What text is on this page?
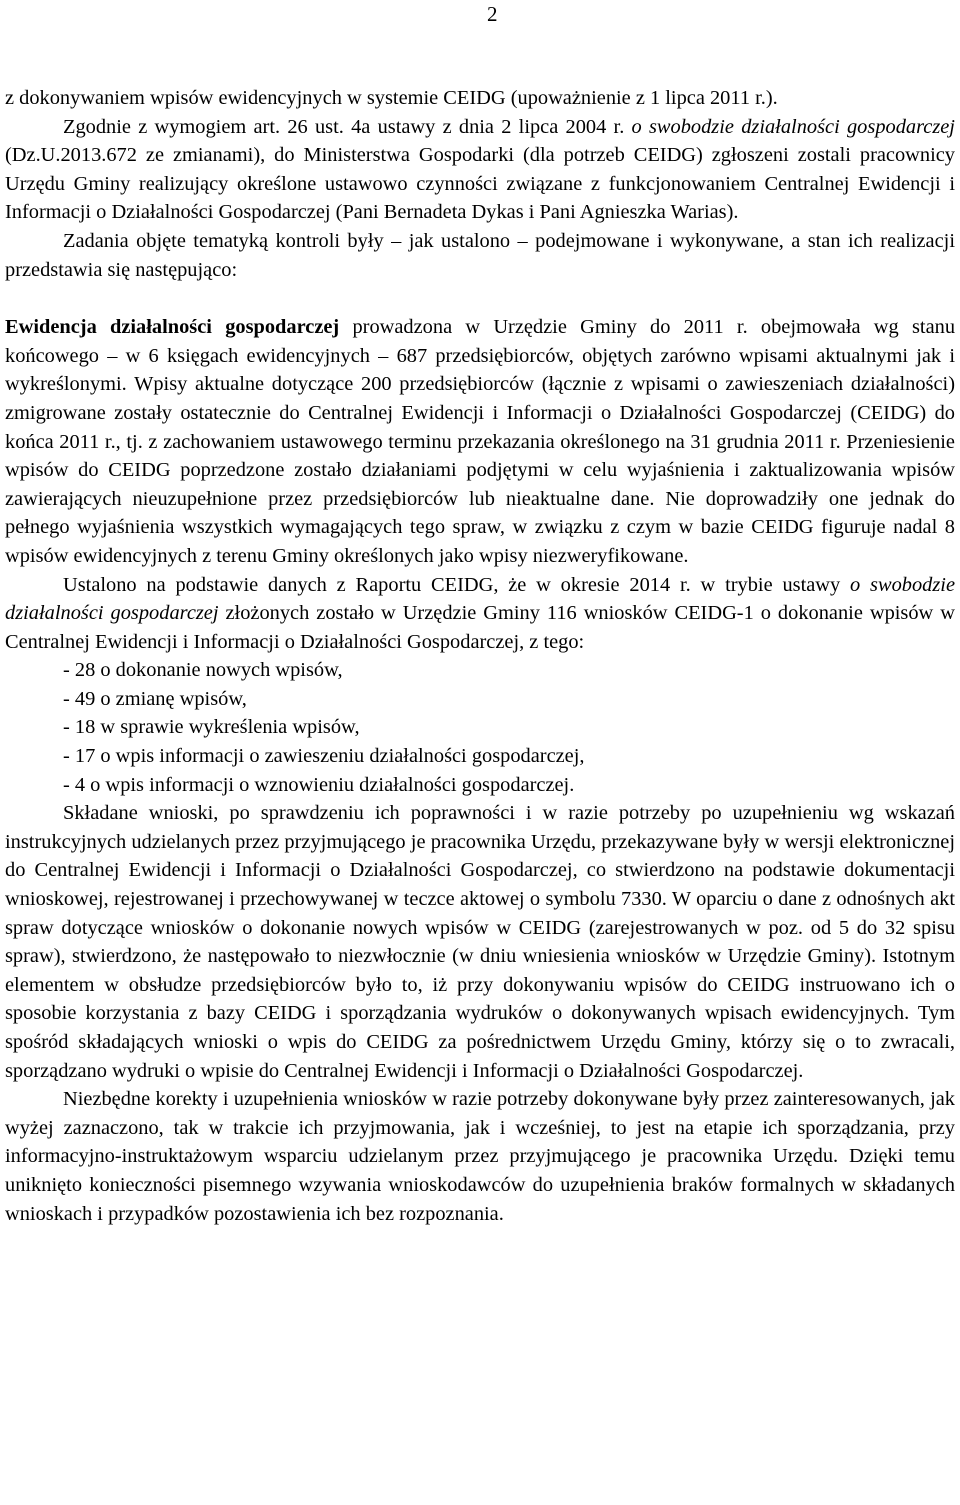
2

z dokonywaniem wpisów ewidencyjnych w systemie CEIDG (upoważnienie z 1 lipca 2011 r.).

Zgodnie z wymogiem art. 26 ust. 4a ustawy z dnia 2 lipca 2004 r. o swobodzie działalności gospodarczej (Dz.U.2013.672 ze zmianami), do Ministerstwa Gospodarki (dla potrzeb CEIDG) zgłoszeni zostali pracownicy Urzędu Gminy realizujący określone ustawowo czynności związane z funkcjonowaniem Centralnej Ewidencji i Informacji o Działalności Gospodarczej (Pani Bernadeta Dykas i Pani Agnieszka Warias).

Zadania objęte tematyką kontroli były – jak ustalono – podejmowane i wykonywane, a stan ich realizacji przedstawia się następująco:

Ewidencja działalności gospodarczej prowadzona w Urzędzie Gminy do 2011 r. obejmowała wg stanu końcowego – w 6 księgach ewidencyjnych – 687 przedsiębiorców, objętych zarówno wpisami aktualnymi jak i wykreślonymi. Wpisy aktualne dotyczące 200 przedsiębiorców (łącznie z wpisami o zawieszeniach działalności) zmigrowane zostały ostatecznie do Centralnej Ewidencji i Informacji o Działalności Gospodarczej (CEIDG) do końca 2011 r., tj. z zachowaniem ustawowego terminu przekazania określonego na 31 grudnia 2011 r. Przeniesienie wpisów do CEIDG poprzedzone zostało działaniami podjętymi w celu wyjaśnienia i zaktualizowania wpisów zawierających nieuzupełnione przez przedsiębiorców lub nieaktualne dane. Nie doprowadziły one jednak do pełnego wyjaśnienia wszystkich wymagających tego spraw, w związku z czym w bazie CEIDG figuruje nadal 8 wpisów ewidencyjnych z terenu Gminy określonych jako wpisy niezweryfikowane.

Ustalono na podstawie danych z Raportu CEIDG, że w okresie 2014 r. w trybie ustawy o swobodzie działalności gospodarczej złożonych zostało w Urzędzie Gminy 116 wniosków CEIDG-1 o dokonanie wpisów w Centralnej Ewidencji i Informacji o Działalności Gospodarczej, z tego:

- 28 o dokonanie nowych wpisów,
- 49 o zmianę wpisów,
- 18 w sprawie wykreślenia wpisów,
- 17 o wpis informacji o zawieszeniu działalności gospodarczej,
- 4 o wpis informacji o wznowieniu działalności gospodarczej.

Składane wnioski, po sprawdzeniu ich poprawności i w razie potrzeby po uzupełnieniu wg wskazań instrukcyjnych udzielanych przez przyjmującego je pracownika Urzędu, przekazywane były w wersji elektronicznej do Centralnej Ewidencji i Informacji o Działalności Gospodarczej, co stwierdzono na podstawie dokumentacji wnioskowej, rejestrowanej i przechowywanej w teczce aktowej o symbolu 7330. W oparciu o dane z odnośnych akt spraw dotyczące wniosków o dokonanie nowych wpisów w CEIDG (zarejestrowanych w poz. od 5 do 32 spisu spraw), stwierdzono, że następowało to niezwłocznie (w dniu wniesienia wniosków w Urzędzie Gminy). Istotnym elementem w obsłudze przedsiębiorców było to, iż przy dokonywaniu wpisów do CEIDG instruowano ich o sposobie korzystania z bazy CEIDG i sporządzania wydruków o dokonywanych wpisach ewidencyjnych. Tym spośród składających wnioski o wpis do CEIDG za pośrednictwem Urzędu Gminy, którzy się o to zwracali, sporządzano wydruki o wpisie do Centralnej Ewidencji i Informacji o Działalności Gospodarczej.

Niezbędne korekty i uzupełnienia wniosków w razie potrzeby dokonywane były przez zainteresowanych, jak wyżej zaznaczono, tak w trakcie ich przyjmowania, jak i wcześniej, to jest na etapie ich sporządzania, przy informacyjno-instruktażowym wsparciu udzielanym przez przyjmującego je pracownika Urzędu. Dzięki temu uniknięto konieczności pisemnego wzywania wnioskodawców do uzupełnienia braków formalnych w składanych wnioskach i przypadków pozostawienia ich bez rozpoznania.
